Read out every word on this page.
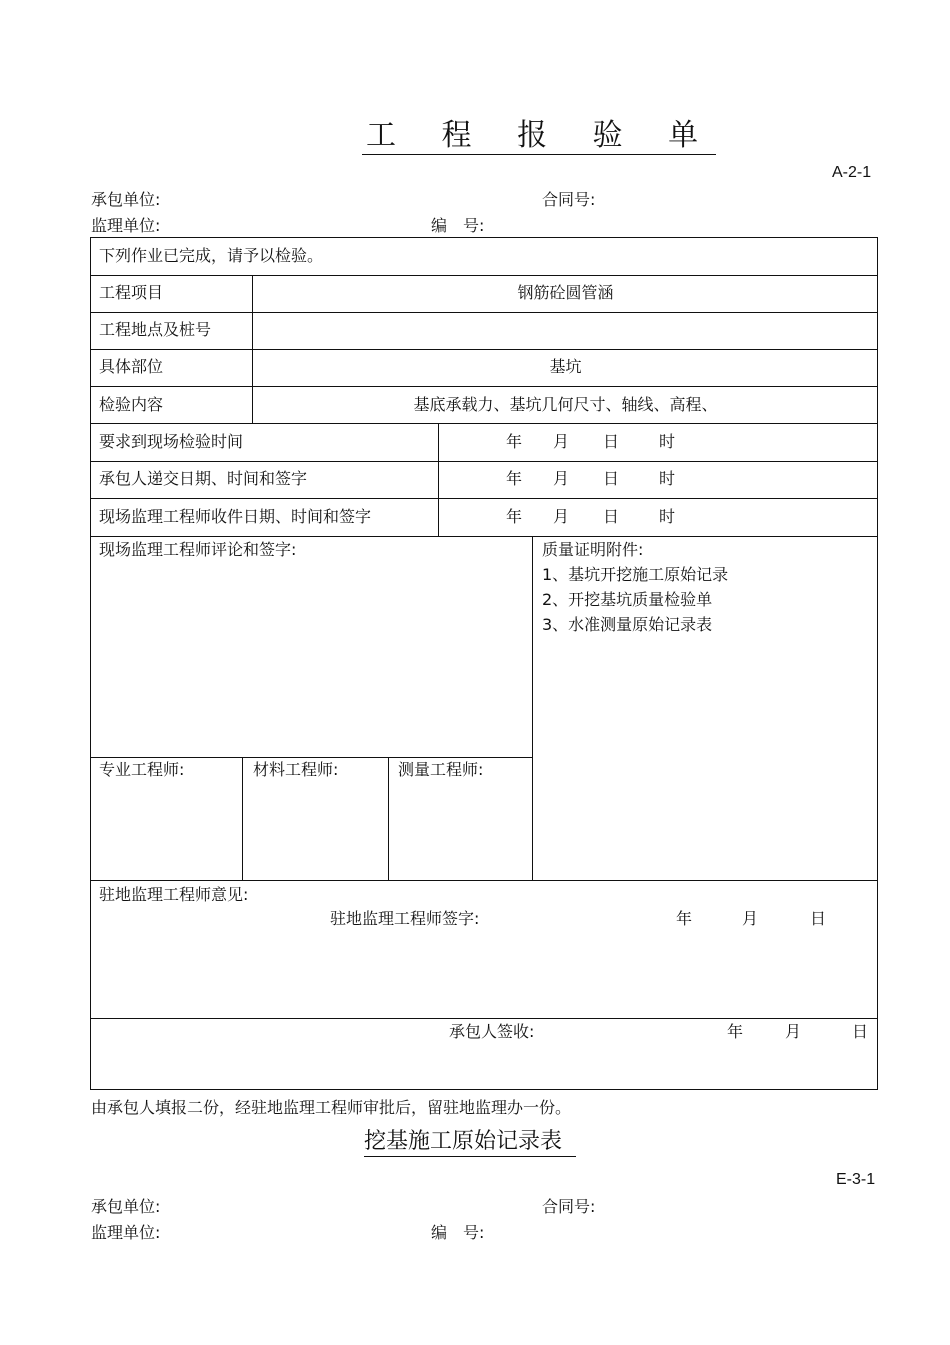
工 程 报 验 单
A-2-1
承包单位:	合同号:
监理单位:	编　号:
下列作业已完成，请予以检验。
工程项目	钢筋砼圆管涵
工程地点及桩号
具体部位	基坑
检验内容	基底承载力、基坑几何尺寸、轴线、高程、
要求到现场检验时间	年 月 日 时
承包人递交日期、时间和签字	年 月 日 时
现场监理工程师收件日期、时间和签字	年 月 日 时
现场监理工程师评论和签字:	质量证明附件:
1、基坑开挖施工原始记录
2、开挖基坑质量检验单
3、水准测量原始记录表
专业工程师:	材料工程师:	测量工程师:
驻地监理工程师意见:
驻地监理工程师签字:	年	月	日
承包人签收:	年	月	日
由承包人填报二份，经驻地监理工程师审批后，留驻地监理办一份。
挖基施工原始记录表
E-3-1
承包单位:	合同号:
监理单位:	编　号:
